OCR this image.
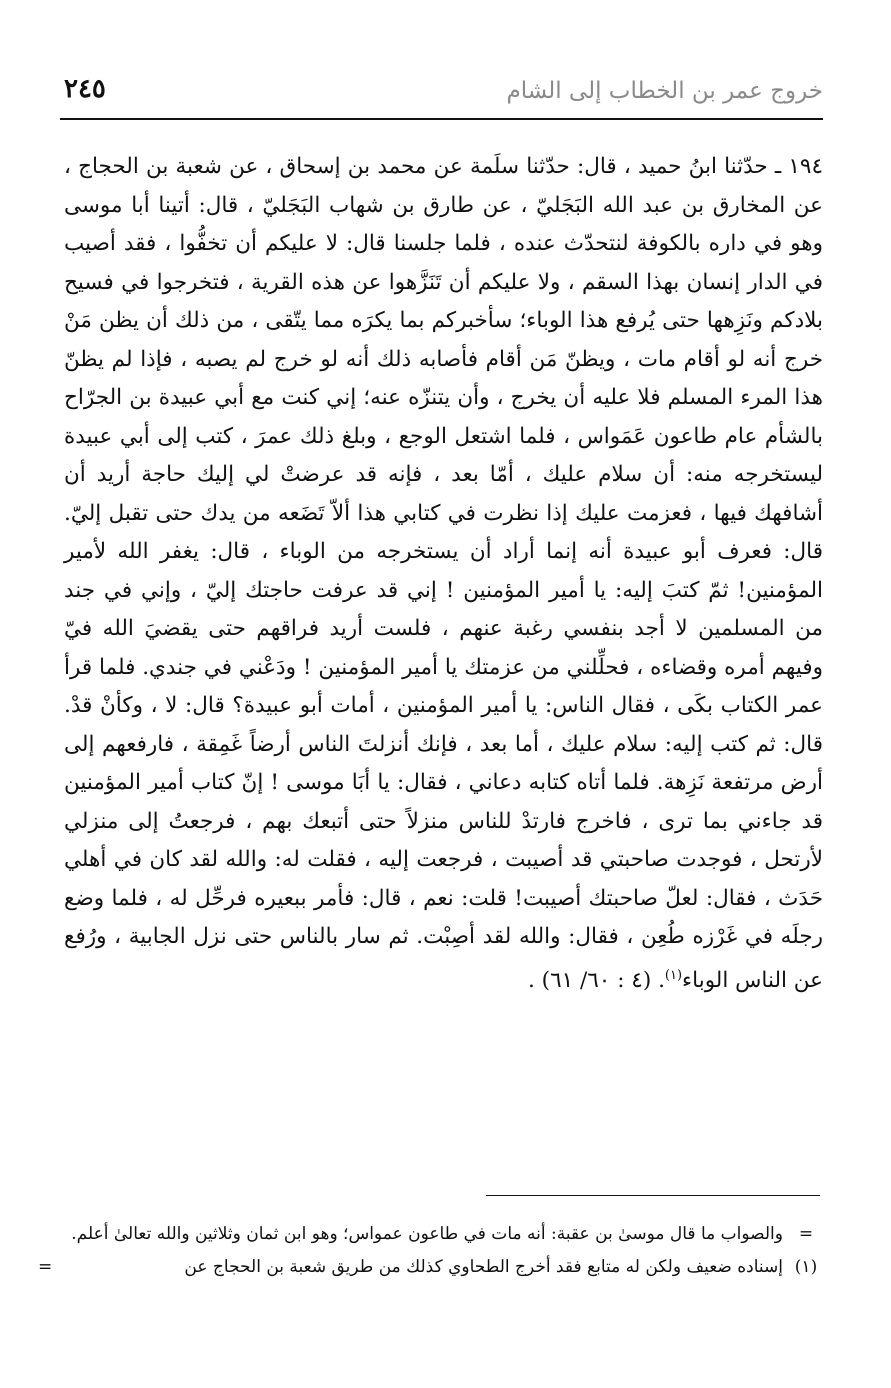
خروج عمر بن الخطاب إلى الشام
٢٤٥

١٩٤ ـ حدّثنا ابنُ حميد ، قال: حدّثنا سلَمة عن محمد بن إسحاق ، عن شعبة بن الحجاج ، عن المخارق بن عبد الله البَجَليّ ، عن طارق بن شهاب البَجَليّ ، قال: أتينا أبا موسى وهو في داره بالكوفة لنتحدّث عنده ، فلما جلسنا قال: لا عليكم أن تخفُّوا ، فقد أصيب في الدار إنسان بهذا السقم ، ولا عليكم أن تَنَزَّهوا عن هذه القرية ، فتخرجوا في فسيح بلادكم ونَزِهها حتى يُرفع هذا الوباء؛ سأخبركم بما يكرَه مما يتّقى ، من ذلك أن يظن مَنْ خرج أنه لو أقام مات ، ويظنّ مَن أقام فأصابه ذلك أنه لو خرج لم يصبه ، فإذا لم يظنّ هذا المرء المسلم فلا عليه أن يخرج ، وأن يتنزّه عنه؛ إني كنت مع أبي عبيدة بن الجرّاح بالشأم عام طاعون عَمَواس ، فلما اشتعل الوجع ، وبلغ ذلك عمرَ ، كتب إلى أبي عبيدة ليستخرجه منه: أن سلام عليك ، أمّا بعد ، فإنه قد عرضتْ لي إليك حاجة أريد أن أشافهك فيها ، فعزمت عليك إذا نظرت في كتابي هذا ألاّ تَضَعه من يدك حتى تقبل إليّ. قال: فعرف أبو عبيدة أنه إنما أراد أن يستخرجه من الوباء ، قال: يغفر الله لأمير المؤمنين! ثمّ كتبَ إليه: يا أمير المؤمنين ! إني قد عرفت حاجتك إليّ ، وإني في جند من المسلمين لا أجد بنفسي رغبة عنهم ، فلست أريد فراقهم حتى يقضيَ الله فيّ وفيهم أمره وقضاءه ، فحلِّلني من عزمتك يا أمير المؤمنين ! ودَعْني في جندي. فلما قرأ عمر الكتاب بكَى ، فقال الناس: يا أمير المؤمنين ، أمات أبو عبيدة؟ قال: لا ، وكأنْ قدْ. قال: ثم كتب إليه: سلام عليك ، أما بعد ، فإنك أنزلتَ الناس أرضاً غَمِقة ، فارفعهم إلى أرض مرتفعة نَزِهة. فلما أتاه كتابه دعاني ، فقال: يا أبَا موسى ! إنّ كتاب أمير المؤمنين قد جاءني بما ترى ، فاخرج فارتدْ للناس منزلاً حتى أتبعك بهم ، فرجعتُ إلى منزلي لأرتحل ، فوجدت صاحبتي قد أصيبت ، فرجعت إليه ، فقلت له: والله لقد كان في أهلي حَدَث ، فقال: لعلّ صاحبتك أصيبت! قلت: نعم ، قال: فأمر ببعيره فرحِّل له ، فلما وضع رجلَه في غَرْزه طُعِن ، فقال: والله لقد أصِبْت. ثم سار بالناس حتى نزل الجابية ، ورُفع عن الناس الوباء$^{(١)}$. (٤ : ٦٠/ ٦١) .

=
والصواب ما قال موسىٰ بن عقبة: أنه مات في طاعون عمواس؛ وهو ابن ثمان وثلاثين والله تعالىٰ أعلم.

(١)
إسناده ضعيف ولكن له متابع فقد أخرج الطحاوي كذلك من طريق شعبة بن الحجاج عن
=
